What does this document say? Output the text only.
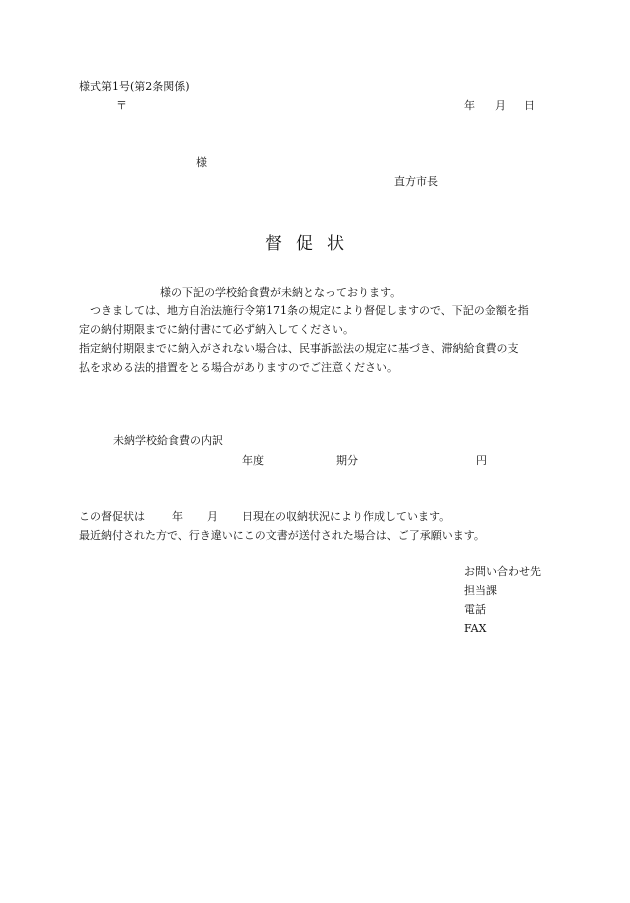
様式第1号(第2条関係)
〒	年 月 日
様
直方市長
督促状
様の下記の学校給食費が未納となっております。
つきましては、地方自治法施行令第171条の規定により督促しますので、下記の金額を指
定の納付期限までに納付書にて必ず納入してください。
指定納付期限までに納入がされない場合は、民事訴訟法の規定に基づき、滞納給食費の支
払を求める法的措置をとる場合がありますのでご注意ください。
未納学校給食費の内訳
年度	期分	円
この督促状は 年 月 日現在の収納状況により作成しています。
最近納付された方で、行き違いにこの文書が送付された場合は、ご了承願います。
お問い合わせ先
担当課
電話
FAX
